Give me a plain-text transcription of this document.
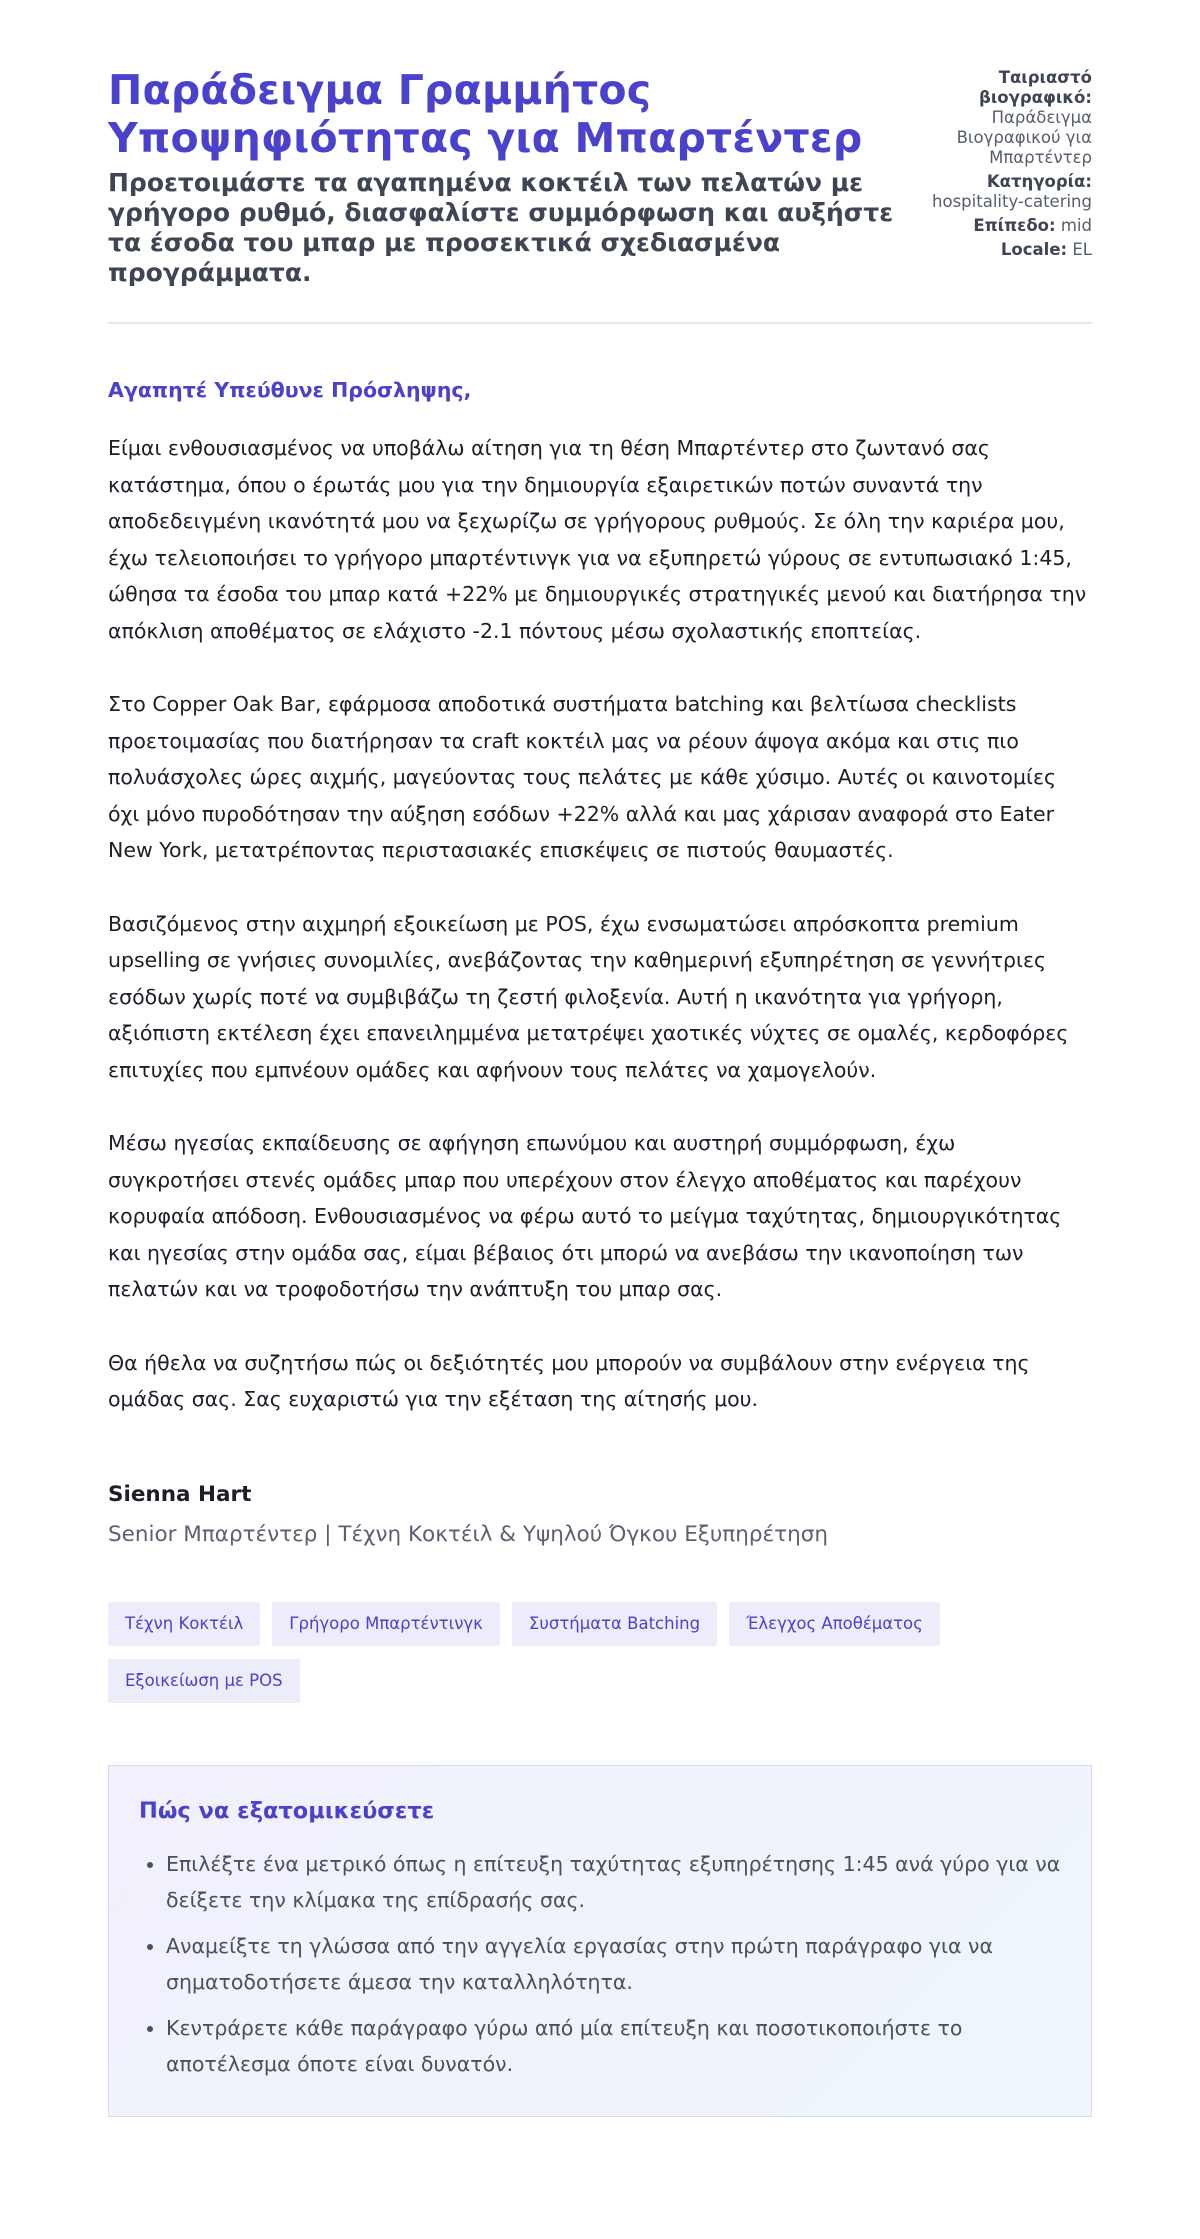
Παράδειγμα Γραμμήτος Υποψηφιότητας για Μπαρτέντερ

Προετοιμάστε τα αγαπημένα κοκτέιλ των πελατών με γρήγορο ρυθμό, διασφαλίστε συμμόρφωση και αυξήστε τα έσοδα του μπαρ με προσεκτικά σχεδιασμένα προγράμματα.

Ταιριαστό βιογραφικό:
Παράδειγμα Βιογραφικού για Μπαρτέντερ
Κατηγορία:
hospitality-catering
Επίπεδο: mid
Locale: EL

Αγαπητέ Υπεύθυνε Πρόσληψης,

Είμαι ενθουσιασμένος να υποβάλω αίτηση για τη θέση Μπαρτέντερ στο ζωντανό σας κατάστημα, όπου ο έρωτάς μου για την δημιουργία εξαιρετικών ποτών συναντά την αποδεδειγμένη ικανότητά μου να ξεχωρίζω σε γρήγορους ρυθμούς. Σε όλη την καριέρα μου, έχω τελειοποιήσει το γρήγορο μπαρτέντινγκ για να εξυπηρετώ γύρους σε εντυπωσιακό 1:45, ώθησα τα έσοδα του μπαρ κατά +22% με δημιουργικές στρατηγικές μενού και διατήρησα την απόκλιση αποθέματος σε ελάχιστο -2.1 πόντους μέσω σχολαστικής εποπτείας.

Στο Copper Oak Bar, εφάρμοσα αποδοτικά συστήματα batching και βελτίωσα checklists προετοιμασίας που διατήρησαν τα craft κοκτέιλ μας να ρέουν άψογα ακόμα και στις πιο πολυάσχολες ώρες αιχμής, μαγεύοντας τους πελάτες με κάθε χύσιμο. Αυτές οι καινοτομίες όχι μόνο πυροδότησαν την αύξηση εσόδων +22% αλλά και μας χάρισαν αναφορά στο Eater New York, μετατρέποντας περιστασιακές επισκέψεις σε πιστούς θαυμαστές.

Βασιζόμενος στην αιχμηρή εξοικείωση με POS, έχω ενσωματώσει απρόσκοπτα premium upselling σε γνήσιες συνομιλίες, ανεβάζοντας την καθημερινή εξυπηρέτηση σε γεννήτριες εσόδων χωρίς ποτέ να συμβιβάζω τη ζεστή φιλοξενία. Αυτή η ικανότητα για γρήγορη, αξιόπιστη εκτέλεση έχει επανειλημμένα μετατρέψει χαοτικές νύχτες σε ομαλές, κερδοφόρες επιτυχίες που εμπνέουν ομάδες και αφήνουν τους πελάτες να χαμογελούν.

Μέσω ηγεσίας εκπαίδευσης σε αφήγηση επωνύμου και αυστηρή συμμόρφωση, έχω συγκροτήσει στενές ομάδες μπαρ που υπερέχουν στον έλεγχο αποθέματος και παρέχουν κορυφαία απόδοση. Ενθουσιασμένος να φέρω αυτό το μείγμα ταχύτητας, δημιουργικότητας και ηγεσίας στην ομάδα σας, είμαι βέβαιος ότι μπορώ να ανεβάσω την ικανοποίηση των πελατών και να τροφοδοτήσω την ανάπτυξη του μπαρ σας.

Θα ήθελα να συζητήσω πώς οι δεξιότητές μου μπορούν να συμβάλουν στην ενέργεια της ομάδας σας. Σας ευχαριστώ για την εξέταση της αίτησής μου.

Sienna Hart

Senior Μπαρτέντερ | Τέχνη Κοκτέιλ & Υψηλού Όγκου Εξυπηρέτηση

Τέχνη Κοκτέιλ	Γρήγορο Μπαρτέντινγκ	Συστήματα Batching	Έλεγχος Αποθέματος
Εξοικείωση με POS
Πώς να εξατομικεύσετε
• Επιλέξτε ένα μετρικό όπως η επίτευξη ταχύτητας εξυπηρέτησης 1:45 ανά γύρο για να δείξετε την κλίμακα της επίδρασής σας.
• Αναμείξτε τη γλώσσα από την αγγελία εργασίας στην πρώτη παράγραφο για να σηματοδοτήσετε άμεσα την καταλληλότητα.
• Κεντράρετε κάθε παράγραφο γύρω από μία επίτευξη και ποσοτικοποιήστε το αποτέλεσμα όποτε είναι δυνατόν.
